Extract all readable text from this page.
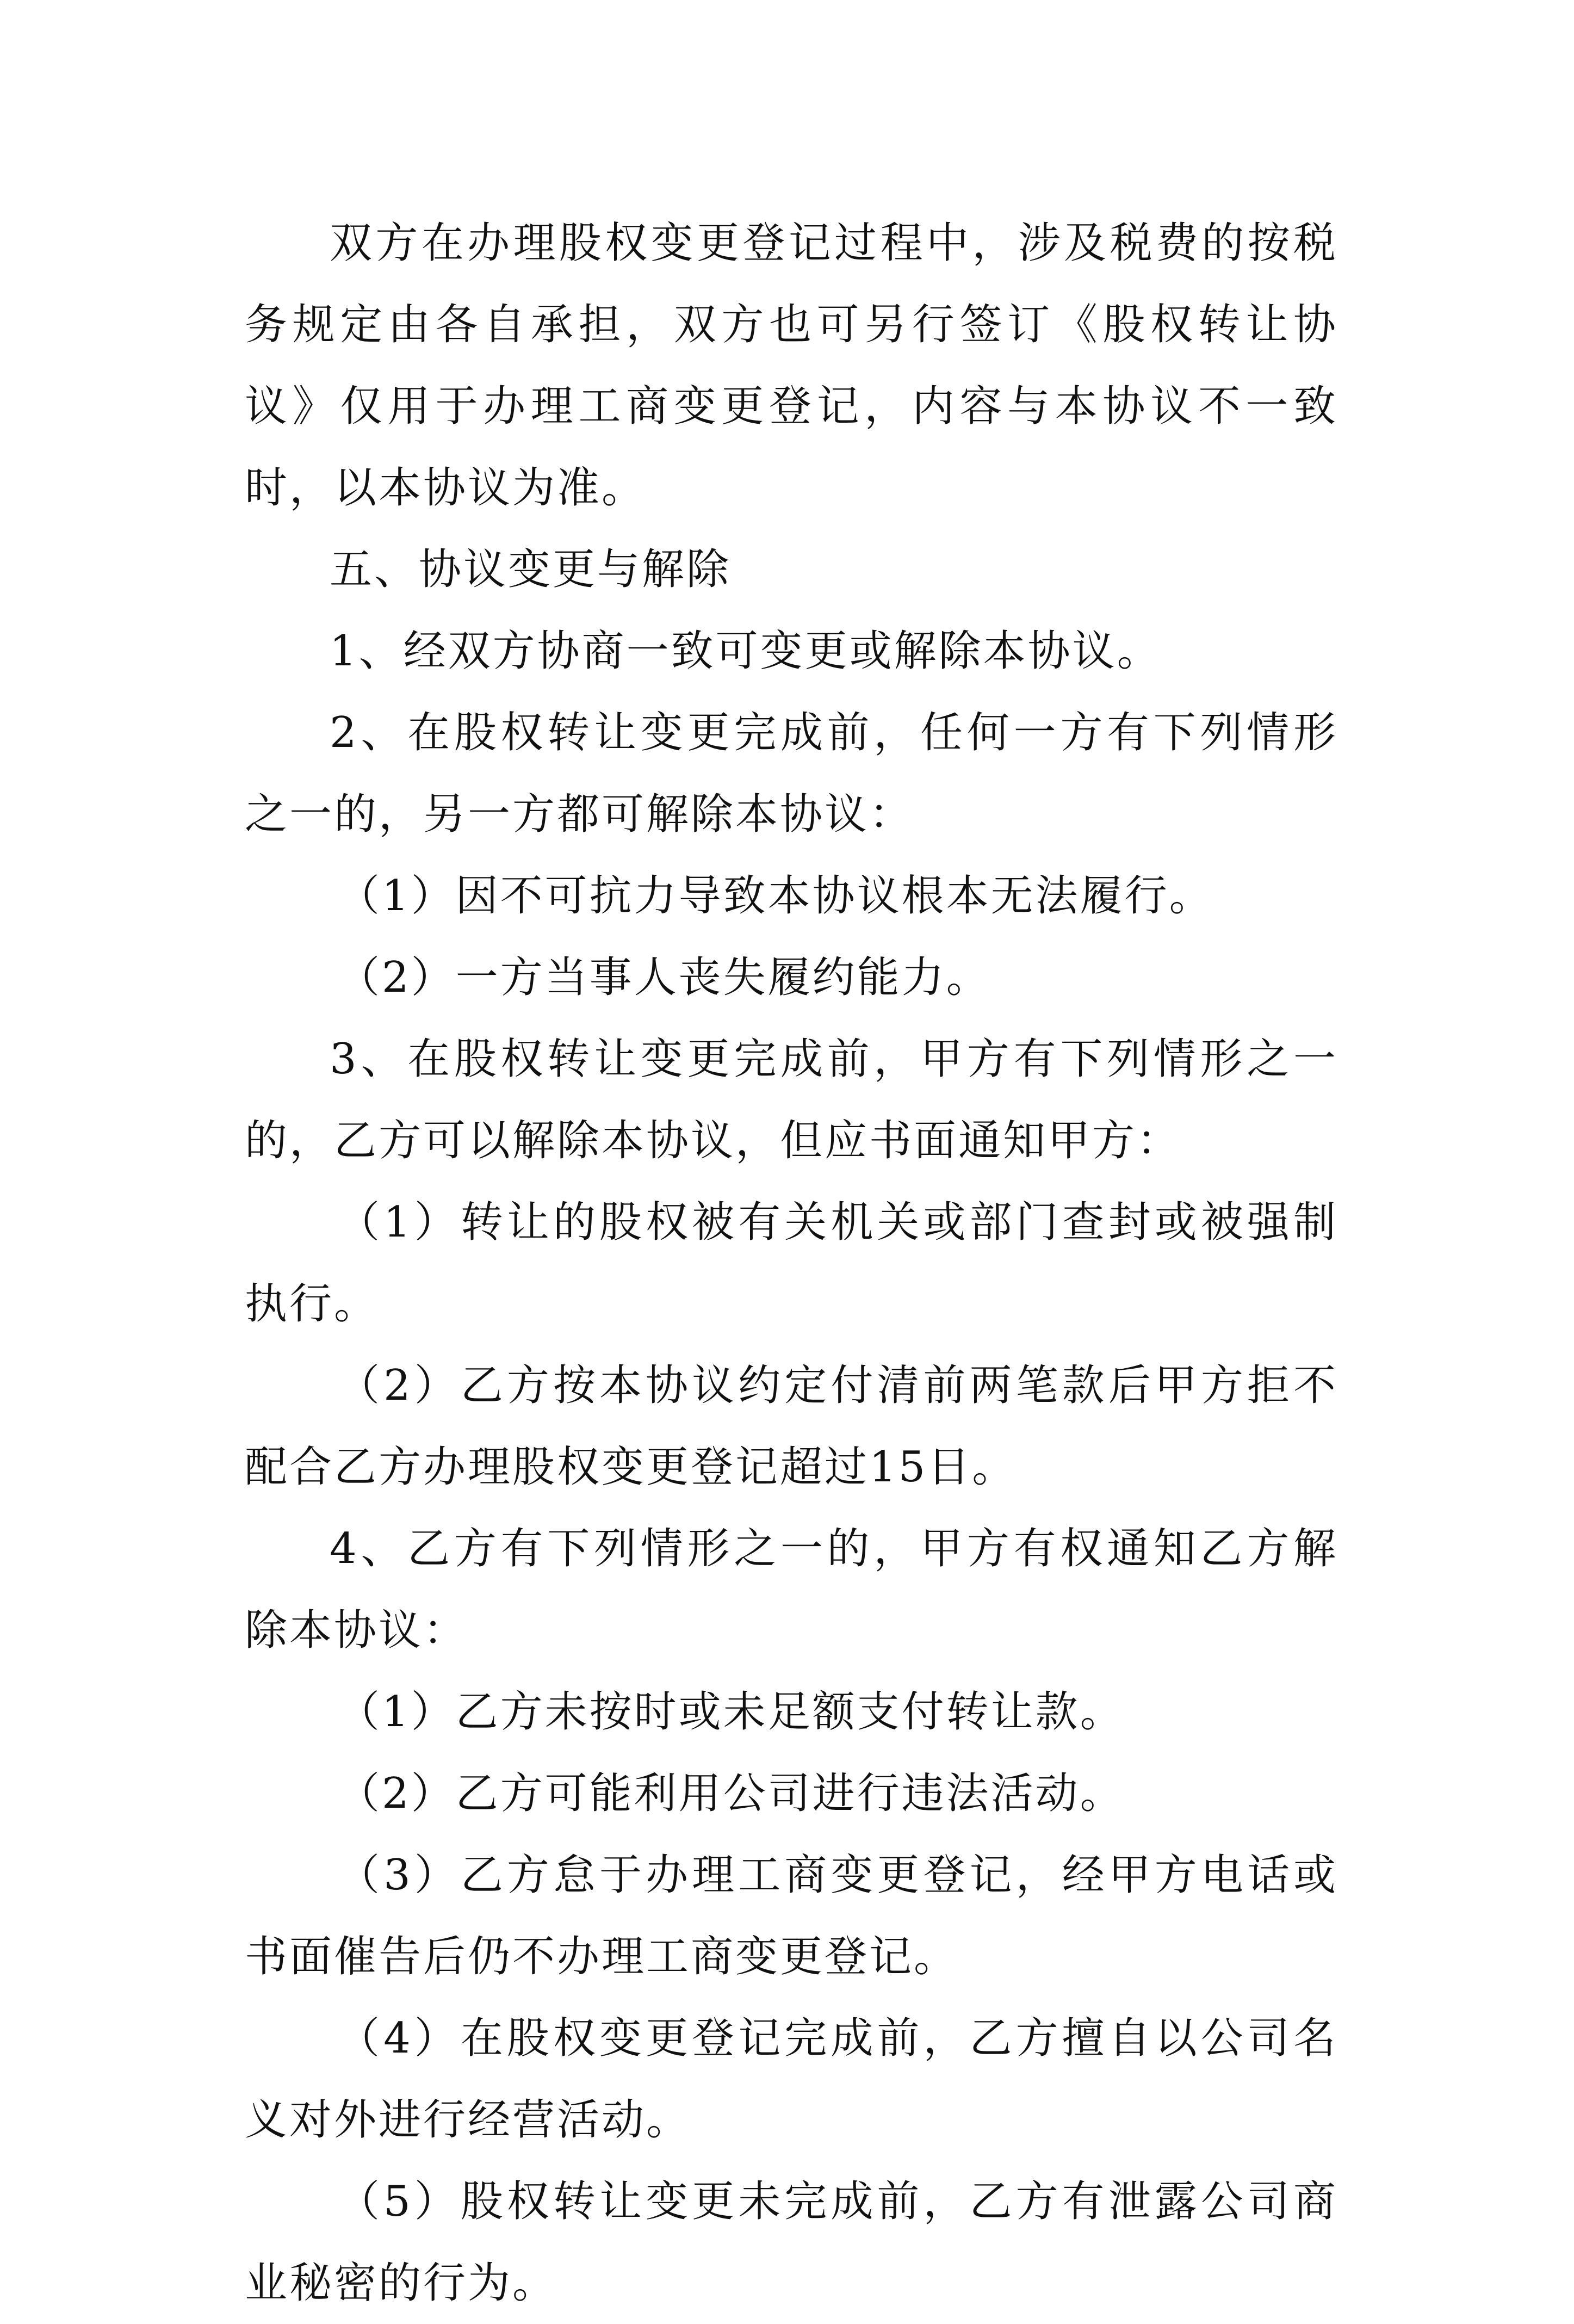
双方在办理股权变更登记过程中，涉及税费的按税务规定由各自承担，双方也可另行签订《股权转让协议》仅用于办理工商变更登记，内容与本协议不一致时，以本协议为准。

五、协议变更与解除

1、经双方协商一致可变更或解除本协议。

2、在股权转让变更完成前，任何一方有下列情形之一的，另一方都可解除本协议：

（1）因不可抗力导致本协议根本无法履行。

（2）一方当事人丧失履约能力。

3、在股权转让变更完成前，甲方有下列情形之一的，乙方可以解除本协议，但应书面通知甲方：

（1）转让的股权被有关机关或部门查封或被强制执行。

（2）乙方按本协议约定付清前两笔款后甲方拒不配合乙方办理股权变更登记超过15日。

4、乙方有下列情形之一的，甲方有权通知乙方解除本协议：

（1）乙方未按时或未足额支付转让款。

（2）乙方可能利用公司进行违法活动。

（3）乙方怠于办理工商变更登记，经甲方电话或书面催告后仍不办理工商变更登记。

（4）在股权变更登记完成前，乙方擅自以公司名义对外进行经营活动。

（5）股权转让变更未完成前，乙方有泄露公司商业秘密的行为。
